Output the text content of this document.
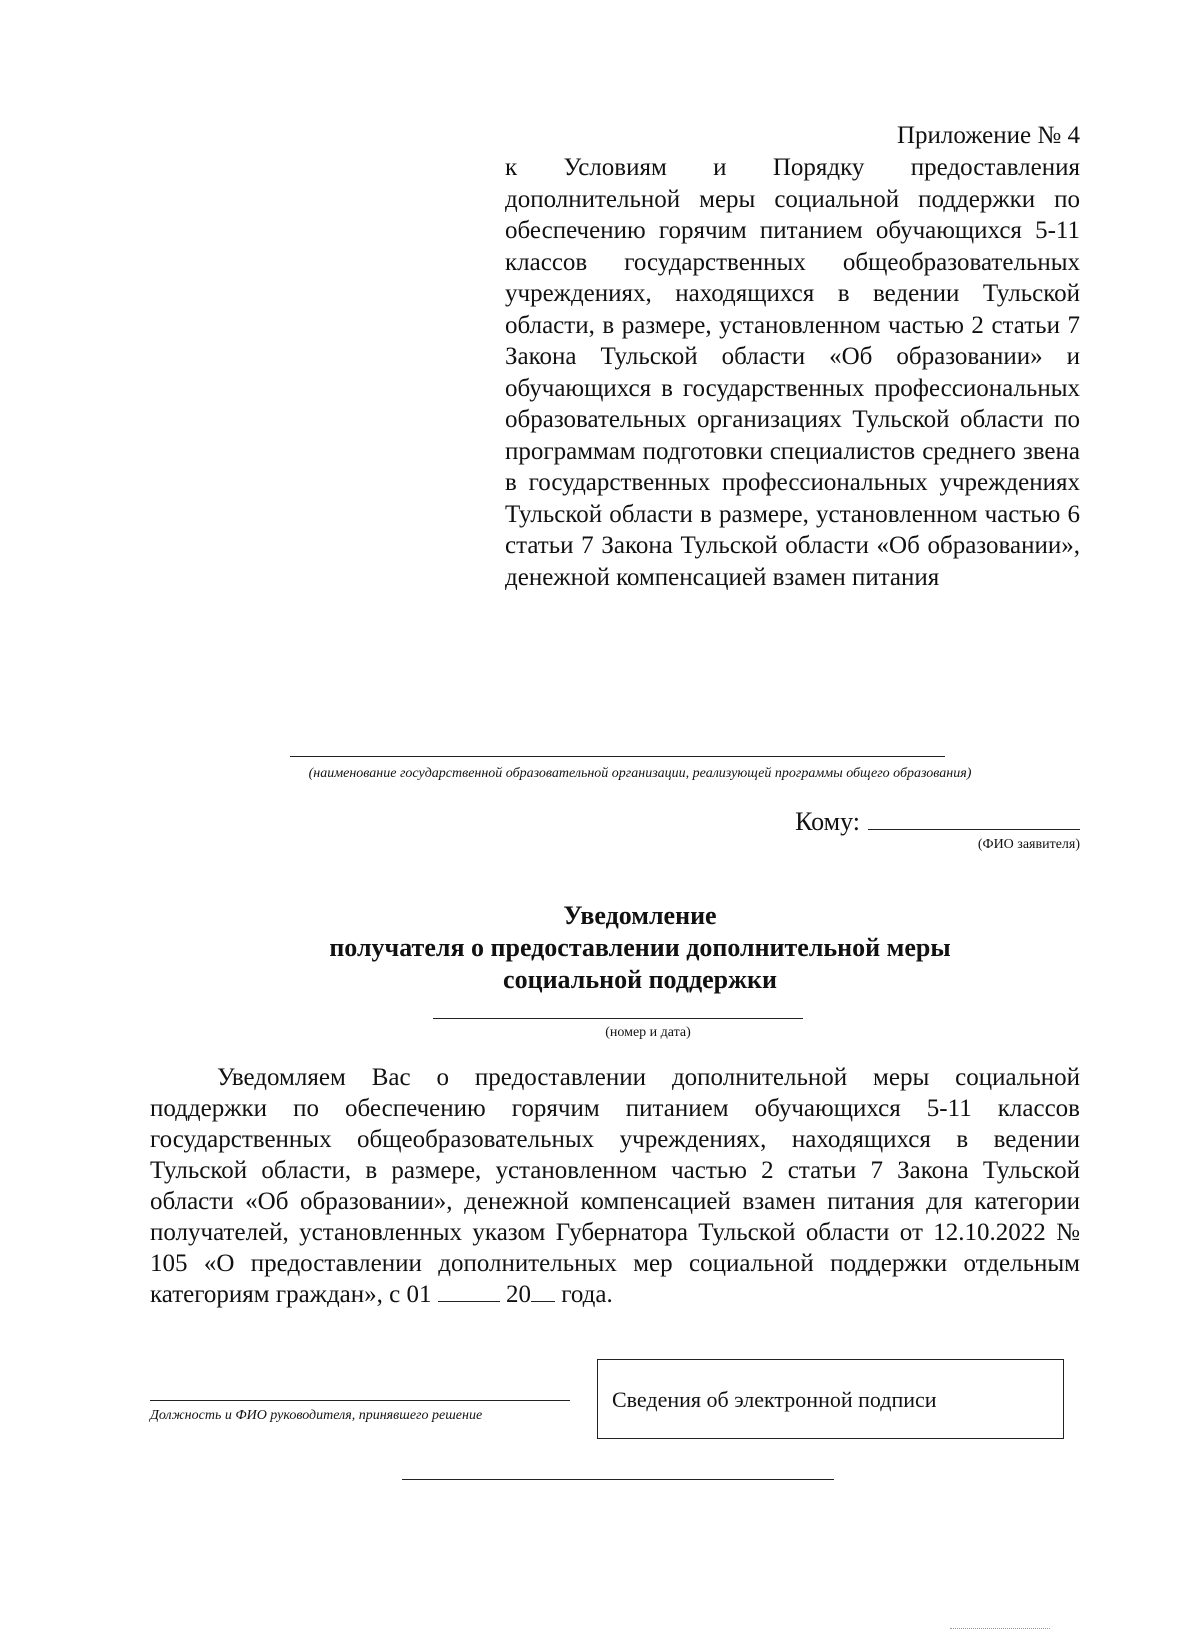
Приложение № 4
к Условиям и Порядку предоставления дополнительной меры социальной поддержки по обеспечению горячим питанием обучающихся 5-11 классов государственных общеобразовательных учреждениях, находящихся в ведении Тульской области, в размере, установленном частью 2 статьи 7 Закона Тульской области «Об образовании» и обучающихся в государственных профессиональных образовательных организациях Тульской области по программам подготовки специалистов среднего звена в государственных профессиональных учреждениях Тульской области в размере, установленном частью 6 статьи 7 Закона Тульской области «Об образовании», денежной компенсацией взамен питания
(наименование государственной образовательной организации, реализующей программы общего образования)
Кому:
(ФИО заявителя)
Уведомление
получателя о предоставлении дополнительной меры
социальной поддержки
(номер и дата)
Уведомляем Вас о предоставлении дополнительной меры социальной поддержки по обеспечению горячим питанием обучающихся 5-11 классов государственных общеобразовательных учреждениях, находящихся в ведении Тульской области, в размере, установленном частью 2 статьи 7 Закона Тульской области «Об образовании», денежной компенсацией взамен питания для категории получателей, установленных указом Губернатора Тульской области от 12.10.2022 № 105 «О предоставлении дополнительных мер социальной поддержки отдельным категориям граждан», с 01	20 года.
Должность и ФИО руководителя, принявшего решение
Сведения об электронной подписи
